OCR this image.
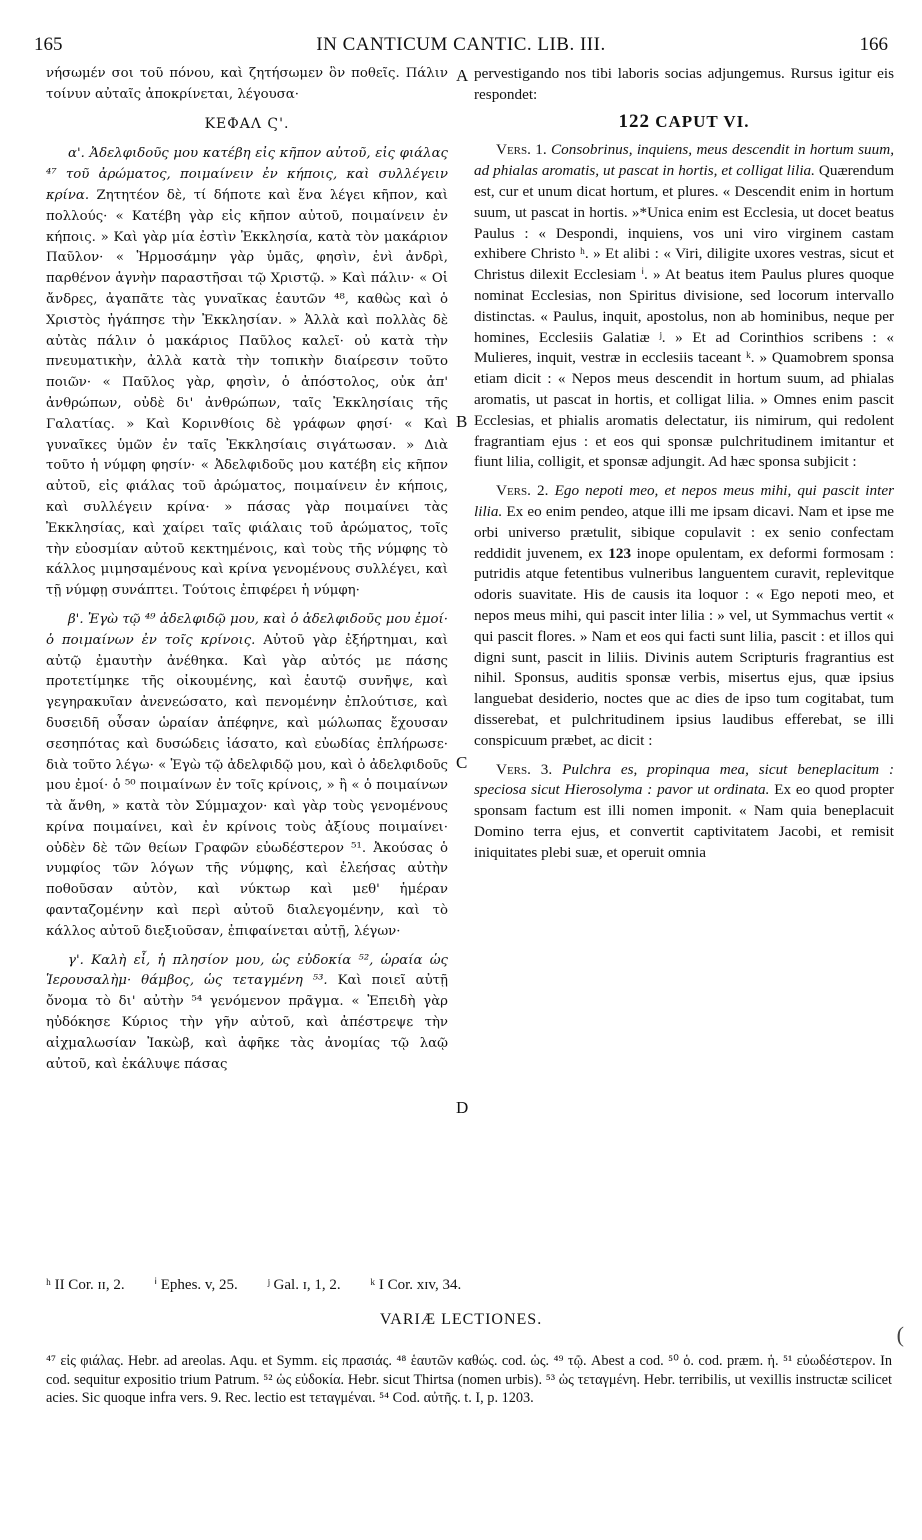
165	IN CANTICUM CANTIC. LIB. III.	166

νήσωμέν σοι τοῦ πόνου, καὶ ζητήσωμεν ὃν ποθεῖς. Πάλιν τοίνυν αὐταῖς ἀποκρίνεται, λέγουσα·

ΚΕΦΑΛ Ϛ'.

α'. Ἀδελφιδοῦς μου κατέβη εἰς κῆπον αὐτοῦ, εἰς φιάλας ⁴⁷ τοῦ ἀρώματος, ποιμαίνειν ἐν κήποις, καὶ συλλέγειν κρίνα. Ζητητέον δὲ, τί δήποτε καὶ ἕνα λέγει κῆπον, καὶ πολλούς· « Κατέβη γὰρ εἰς κῆπον αὐτοῦ, ποιμαίνειν ἐν κήποις. » Καὶ γὰρ μία ἐστὶν Ἐκκλησία, κατὰ τὸν μακάριον Παῦλον· « Ἡρμοσάμην γὰρ ὑμᾶς, φησὶν, ἑνὶ ἀνδρὶ, παρθένον ἁγνὴν παραστῆσαι τῷ Χριστῷ. » Καὶ πάλιν· « Οἱ ἄνδρες, ἀγαπᾶτε τὰς γυναῖκας ἑαυτῶν ⁴⁸, καθὼς καὶ ὁ Χριστὸς ἠγάπησε τὴν Ἐκκλησίαν. » Ἀλλὰ καὶ πολλὰς δὲ αὐτὰς πάλιν ὁ μακάριος Παῦλος καλεῖ· οὐ κατὰ τὴν πνευματικὴν, ἀλλὰ κατὰ τὴν τοπικὴν διαίρεσιν τοῦτο ποιῶν· « Παῦλος γὰρ, φησὶν, ὁ ἀπόστολος, οὐκ ἀπ' ἀνθρώπων, οὐδὲ δι' ἀνθρώπων, ταῖς Ἐκκλησίαις τῆς Γαλατίας. » Καὶ Κορινθίοις δὲ γράφων φησί· « Καὶ γυναῖκες ὑμῶν ἐν ταῖς Ἐκκλησίαις σιγάτωσαν. » Διὰ τοῦτο ἡ νύμφη φησίν· « Ἀδελφιδοῦς μου κατέβη εἰς κῆπον αὐτοῦ, εἰς φιάλας τοῦ ἀρώματος, ποιμαίνειν ἐν κήποις, καὶ συλλέγειν κρίνα· » πάσας γὰρ ποιμαίνει τὰς Ἐκκλησίας, καὶ χαίρει ταῖς φιάλαις τοῦ ἀρώματος, τοῖς τὴν εὐοσμίαν αὐτοῦ κεκτημένοις, καὶ τοὺς τῆς νύμφης τὸ κάλλος μιμησαμένους καὶ κρίνα γενομένους συλλέγει, καὶ τῇ νύμφῃ συνάπτει. Τούτοις ἐπιφέρει ἡ νύμφη·

β'. Ἐγὼ τῷ ⁴⁹ ἀδελφιδῷ μου, καὶ ὁ ἀδελφιδοῦς μου ἐμοί· ὁ ποιμαίνων ἐν τοῖς κρίνοις. Αὐτοῦ γὰρ ἐξήρτημαι, καὶ αὐτῷ ἐμαυτὴν ἀνέθηκα. Καὶ γὰρ αὐτός με πάσης προτετίμηκε τῆς οἰκουμένης, καὶ ἑαυτῷ συνῆψε, καὶ γεγηρακυῖαν ἀνενεώσατο, καὶ πενομένην ἐπλούτισε, καὶ δυσειδῆ οὖσαν ὡραίαν ἀπέφηνε, καὶ μώλωπας ἔχουσαν σεσηπότας καὶ δυσώδεις ἰάσατο, καὶ εὐωδίας ἐπλήρωσε· διὰ τοῦτο λέγω· « Ἐγὼ τῷ ἀδελφιδῷ μου, καὶ ὁ ἀδελφιδοῦς μου ἐμοί· ὁ ⁵⁰ ποιμαίνων ἐν τοῖς κρίνοις, » ἢ « ὁ ποιμαίνων τὰ ἄνθη, » κατὰ τὸν Σύμμαχον· καὶ γὰρ τοὺς γενομένους κρίνα ποιμαίνει, καὶ ἐν κρίνοις τοὺς ἀξίους ποιμαίνει· οὐδὲν δὲ τῶν θείων Γραφῶν εὐωδέστερον ⁵¹. Ἀκούσας ὁ νυμφίος τῶν λόγων τῆς νύμφης, καὶ ἐλεήσας αὐτὴν ποθοῦσαν αὐτὸν, καὶ νύκτωρ καὶ μεθ' ἡμέραν φανταζομένην καὶ περὶ αὐτοῦ διαλεγομένην, καὶ τὸ κάλλος αὐτοῦ διεξιοῦσαν, ἐπιφαίνεται αὐτῇ, λέγων·

γ'. Καλὴ εἶ, ἡ πλησίον μου, ὡς εὐδοκία ⁵², ὡραία ὡς Ἱερουσαλὴμ· θάμβος, ὡς τεταγμένη ⁵³. Καὶ ποιεῖ αὐτῇ ὄνομα τὸ δι' αὐτὴν ⁵⁴ γενόμενον πρᾶγμα. « Ἐπειδὴ γὰρ ηὐδόκησε Κύριος τὴν γῆν αὐτοῦ, καὶ ἀπέστρεψε τὴν αἰχμαλωσίαν Ἰακὼβ, καὶ ἀφῆκε τὰς ἀνομίας τῷ λαῷ αὐτοῦ, καὶ ἐκάλυψε πάσας

pervestigando nos tibi laboris socias adjungemus. Rursus igitur eis respondet:

122 CAPUT VI.

Vers. 1. Consobrinus, inquiens, meus descendit in hortum suum, ad phialas aromatis, ut pascat in hortis, et colligat lilia. Quærendum est, cur et unum dicat hortum, et plures. « Descendit enim in hortum suum, ut pascat in hortis. »*Unica enim est Ecclesia, ut docet beatus Paulus : « Despondi, inquiens, vos uni viro virginem castam exhibere Christo ʰ. » Et alibi : « Viri, diligite uxores vestras, sicut et Christus dilexit Ecclesiam ⁱ. » At beatus item Paulus plures quoque nominat Ecclesias, non Spiritus divisione, sed locorum intervallo distinctas. « Paulus, inquit, apostolus, non ab hominibus, neque per homines, Ecclesiis Galatiæ ʲ. » Et ad Corinthios scribens : « Mulieres, inquit, vestræ in ecclesiis taceant ᵏ. » Quamobrem sponsa etiam dicit : « Nepos meus descendit in hortum suum, ad phialas aromatis, ut pascat in hortis, et colligat lilia. » Omnes enim pascit Ecclesias, et phialis aromatis delectatur, iis nimirum, qui redolent fragrantiam ejus : et eos qui sponsæ pulchritudinem imitantur et fiunt lilia, colligit, et sponsæ adjungit. Ad hæc sponsa subjicit :

Vers. 2. Ego nepoti meo, et nepos meus mihi, qui pascit inter lilia. Ex eo enim pendeo, atque illi me ipsam dicavi. Nam et ipse me orbi universo prætulit, sibique copulavit : ex senio confectam reddidit juvenem, ex 123 inope opulentam, ex deformi formosam : putridis atque fetentibus vulneribus languentem curavit, replevitque odoris suavitate. His de causis ita loquor : « Ego nepoti meo, et nepos meus mihi, qui pascit inter lilia : » vel, ut Symmachus vertit « qui pascit flores. » Nam et eos qui facti sunt lilia, pascit : et illos qui digni sunt, pascit in liliis. Divinis autem Scripturis fragrantius est nihil. Sponsus, auditis sponsæ verbis, misertus ejus, quæ ipsius languebat desiderio, noctes que ac dies de ipso tum cogitabat, tum disserebat, et pulchritudinem ipsius laudibus efferebat, se illi conspicuum præbet, ac dicit :

Vers. 3. Pulchra es, propinqua mea, sicut beneplacitum : speciosa sicut Hierosolyma : pavor ut ordinata. Ex eo quod propter sponsam factum est illi nomen imponit. « Nam quia beneplacuit Domino terra ejus, et convertit captivitatem Jacobi, et remisit iniquitates plebi suæ, et operuit omnia

A
B
C
D
ʰ II Cor. ɪɪ, 2. ⁱ Ephes. v, 25. ʲ Gal. ɪ, 1, 2. ᵏ I Cor. xɪv, 34.
VARIÆ LECTIONES.
(

⁴⁷ εἰς φιάλας. Hebr. ad areolas. Aqu. et Symm. εἰς πρασιάς. ⁴⁸ ἑαυτῶν καθώς. cod. ὡς. ⁴⁹ τῷ. Abest a cod. ⁵⁰ ὁ. cod. præm. ἡ. ⁵¹ εὐωδέστερον. In cod. sequitur expositio trium Patrum. ⁵² ὡς εὐδοκία. Hebr. sicut Thirtsa (nomen urbis). ⁵³ ὡς τεταγμένη. Hebr. terribilis, ut vexillis instructæ scilicet acies. Sic quoque infra vers. 9. Rec. lectio est τεταγμέναι. ⁵⁴ Cod. αὐτῆς. t. I, p. 1203.
